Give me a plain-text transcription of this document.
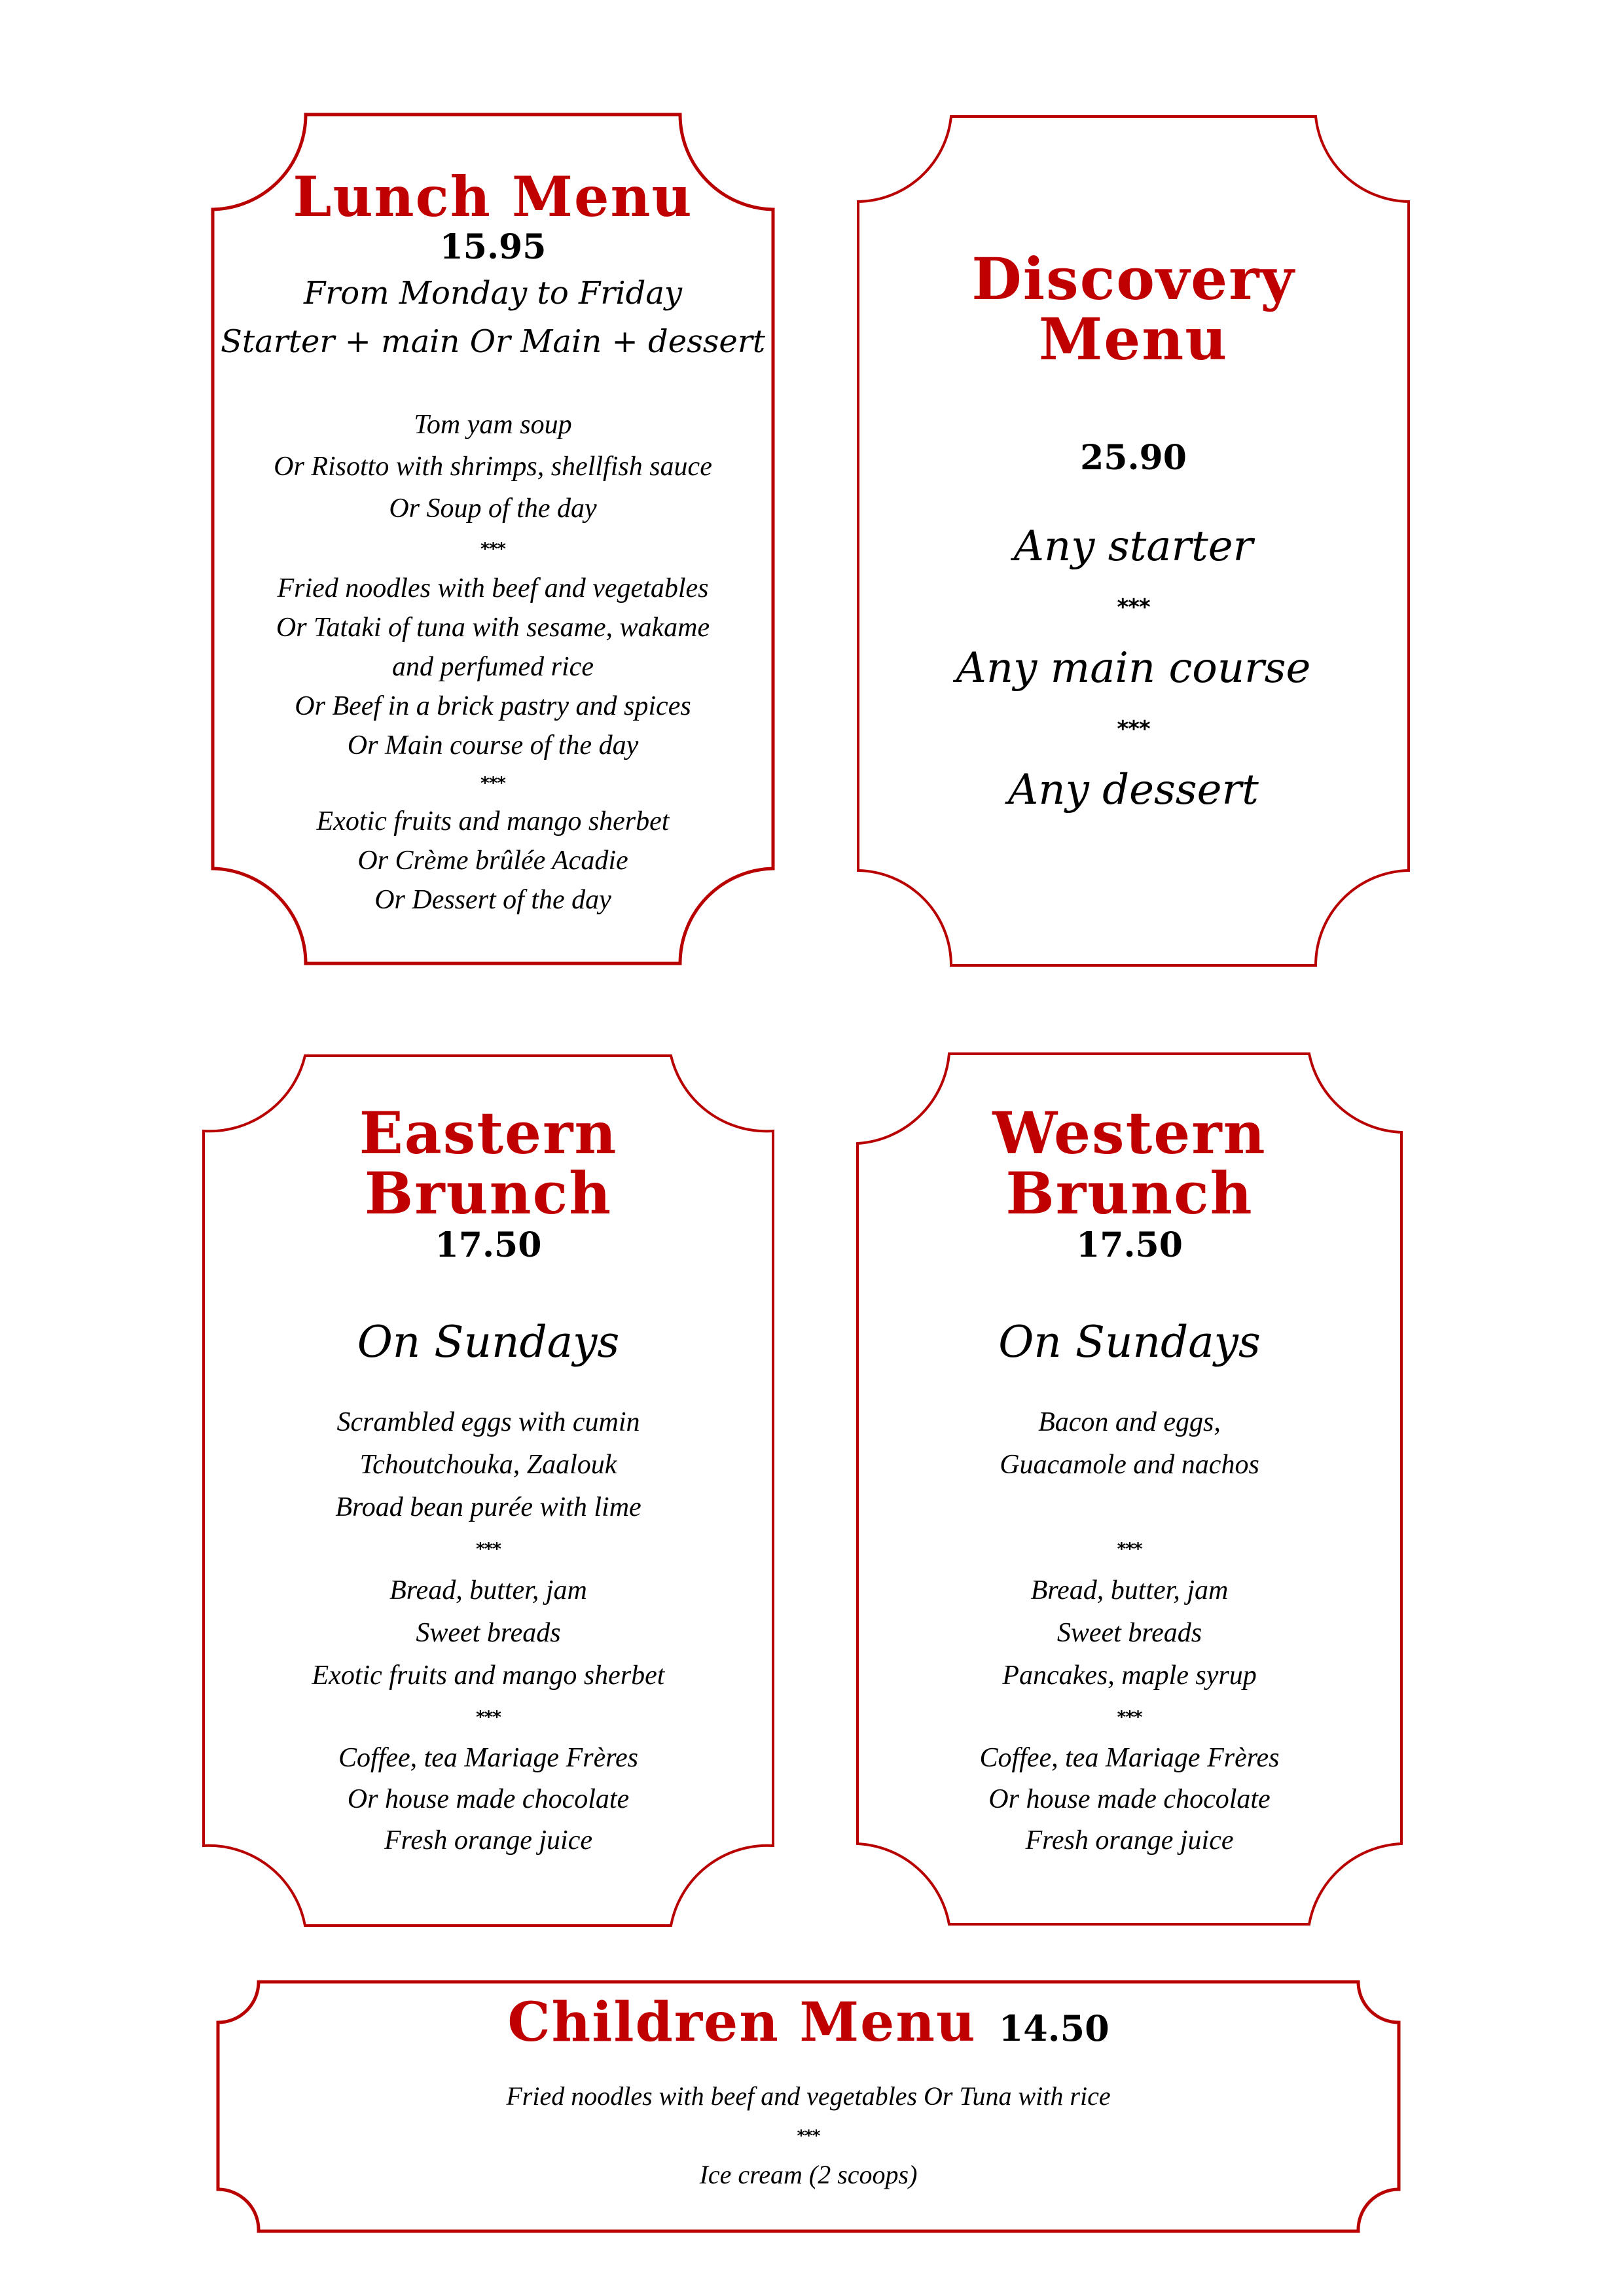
Lunch Menu

15.95

From Monday to Friday

Starter + main Or Main + dessert

Tom yam soup

Or Risotto with shrimps, shellfish sauce

Or Soup of the day

***

Fried noodles with beef and vegetables

Or Tataki of tuna with sesame, wakame

and perfumed rice

Or Beef in a brick pastry and spices

Or Main course of the day

***

Exotic fruits and mango sherbet

Or Crème brûlée Acadie

Or Dessert of the day

Discovery
Menu

25.90

Any starter

***

Any main course

***

Any dessert

Eastern
Brunch

17.50

On Sundays

Scrambled eggs with cumin

Tchoutchouka, Zaalouk

Broad bean purée with lime

***

Bread, butter, jam

Sweet breads

Exotic fruits and mango sherbet

***

Coffee, tea Mariage Frères

Or house made chocolate

Fresh orange juice

Western
Brunch

17.50

On Sundays

Bacon and eggs,

Guacamole and nachos

***

Bread, butter, jam

Sweet breads

Pancakes, maple syrup

***

Coffee, tea Mariage Frères

Or house made chocolate

Fresh orange juice

Children Menu 14.50

Fried noodles with beef and vegetables Or Tuna with rice

***

Ice cream (2 scoops)
